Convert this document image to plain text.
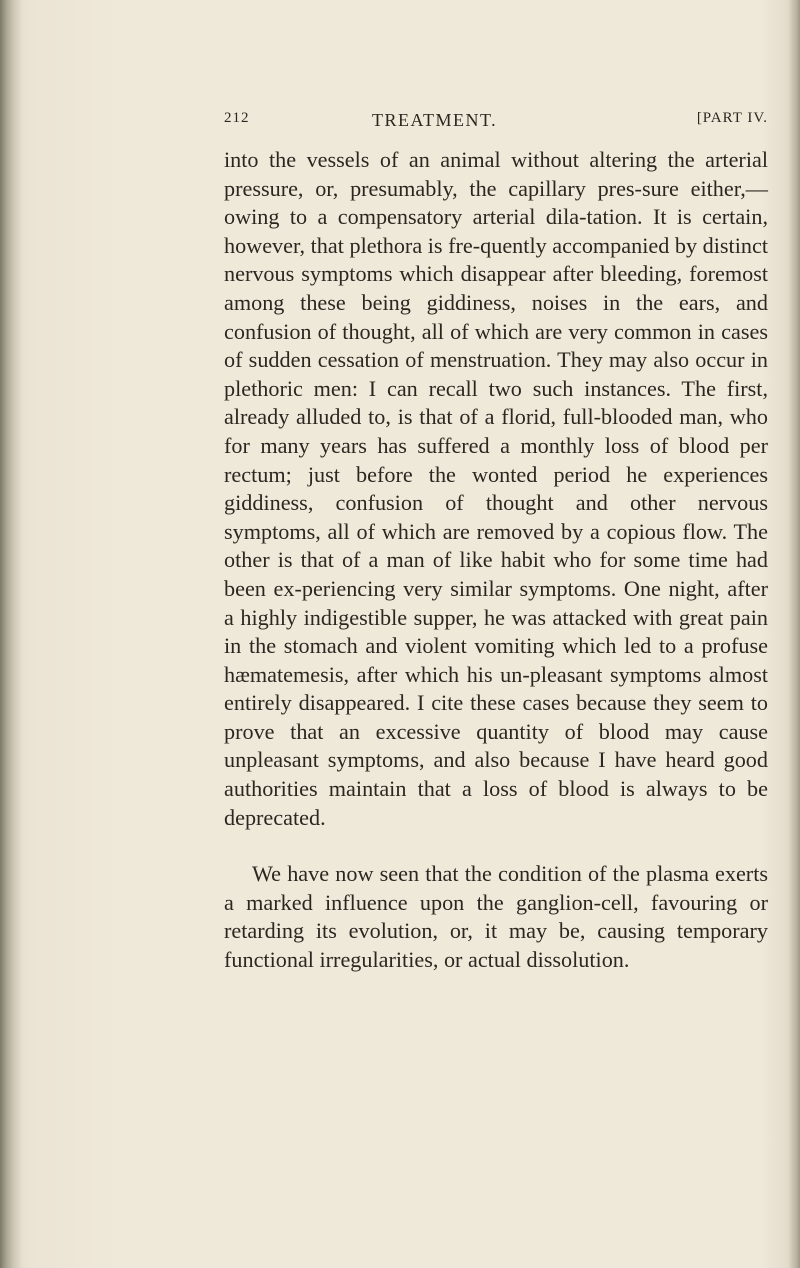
212	TREATMENT.	[PART IV.

into the vessels of an animal without altering the arterial pressure, or, presumably, the capillary pres-sure either,—owing to a compensatory arterial dila-tation. It is certain, however, that plethora is fre-quently accompanied by distinct nervous symptoms which disappear after bleeding, foremost among these being giddiness, noises in the ears, and confusion of thought, all of which are very common in cases of sudden cessation of menstruation. They may also occur in plethoric men: I can recall two such instances. The first, already alluded to, is that of a florid, full-blooded man, who for many years has suffered a monthly loss of blood per rectum; just before the wonted period he experiences giddiness, confusion of thought and other nervous symptoms, all of which are removed by a copious flow. The other is that of a man of like habit who for some time had been ex-periencing very similar symptoms. One night, after a highly indigestible supper, he was attacked with great pain in the stomach and violent vomiting which led to a profuse hæmatemesis, after which his un-pleasant symptoms almost entirely disappeared. I cite these cases because they seem to prove that an excessive quantity of blood may cause unpleasant symptoms, and also because I have heard good authorities maintain that a loss of blood is always to be deprecated.

We have now seen that the condition of the plasma exerts a marked influence upon the ganglion-cell, favouring or retarding its evolution, or, it may be, causing temporary functional irregularities, or actual dissolution.
